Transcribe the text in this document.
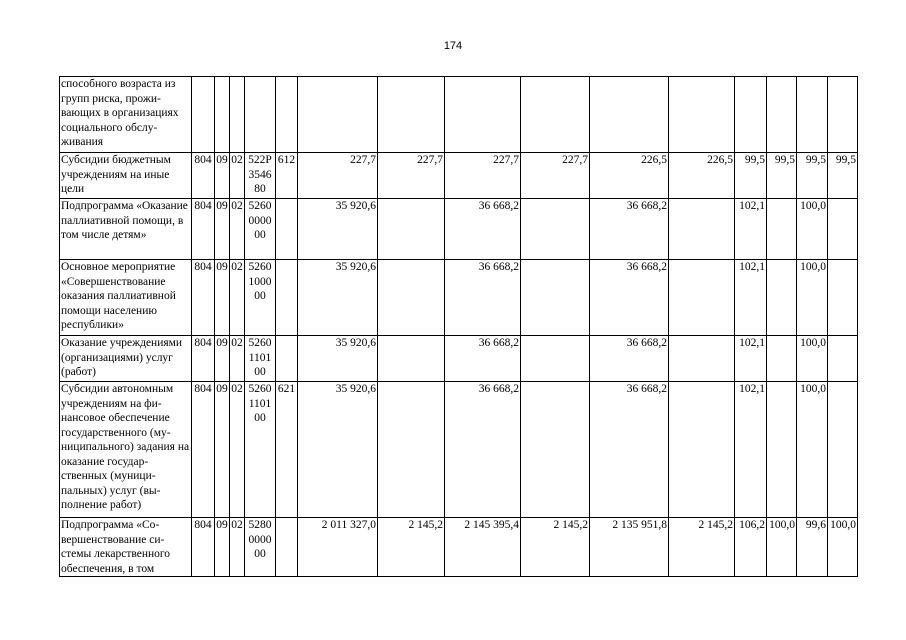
174
способного возраста из групп риска, проживающих в организациях социального обслуживания															
Субсидии бюджетным учреждениям на иные цели	804	09	02	522Р 3546 80	612	227,7	227,7	227,7	227,7	226,5	226,5	99,5	99,5	99,5	99,5
Подпрограмма «Оказание паллиативной помощи, в том числе детям»	804	09	02	5260 0000 00		35 920,6		36 668,2		36 668,2		102,1		100,0	
Основное мероприятие «Совершенствование оказания паллиативной помощи населению республики»	804	09	02	5260 1000 00		35 920,6		36 668,2		36 668,2		102,1		100,0	
Оказание учреждениями (организациями) услуг (работ)	804	09	02	5260 1101 00		35 920,6		36 668,2		36 668,2		102,1		100,0	
Субсидии автономным учреждениям на финансовое обеспечение государственного (муниципального) задания на оказание государственных (муниципальных) услуг (выполнение работ)	804	09	02	5260 1101 00	621	35 920,6		36 668,2		36 668,2		102,1		100,0	
Подпрограмма «Совершенствование системы лекарственного обеспечения, в том	804	09	02	5280 0000 00		2 011 327,0	2 145,2	2 145 395,4	2 145,2	2 135 951,8	2 145,2	106,2	100,0	99,6	100,0
